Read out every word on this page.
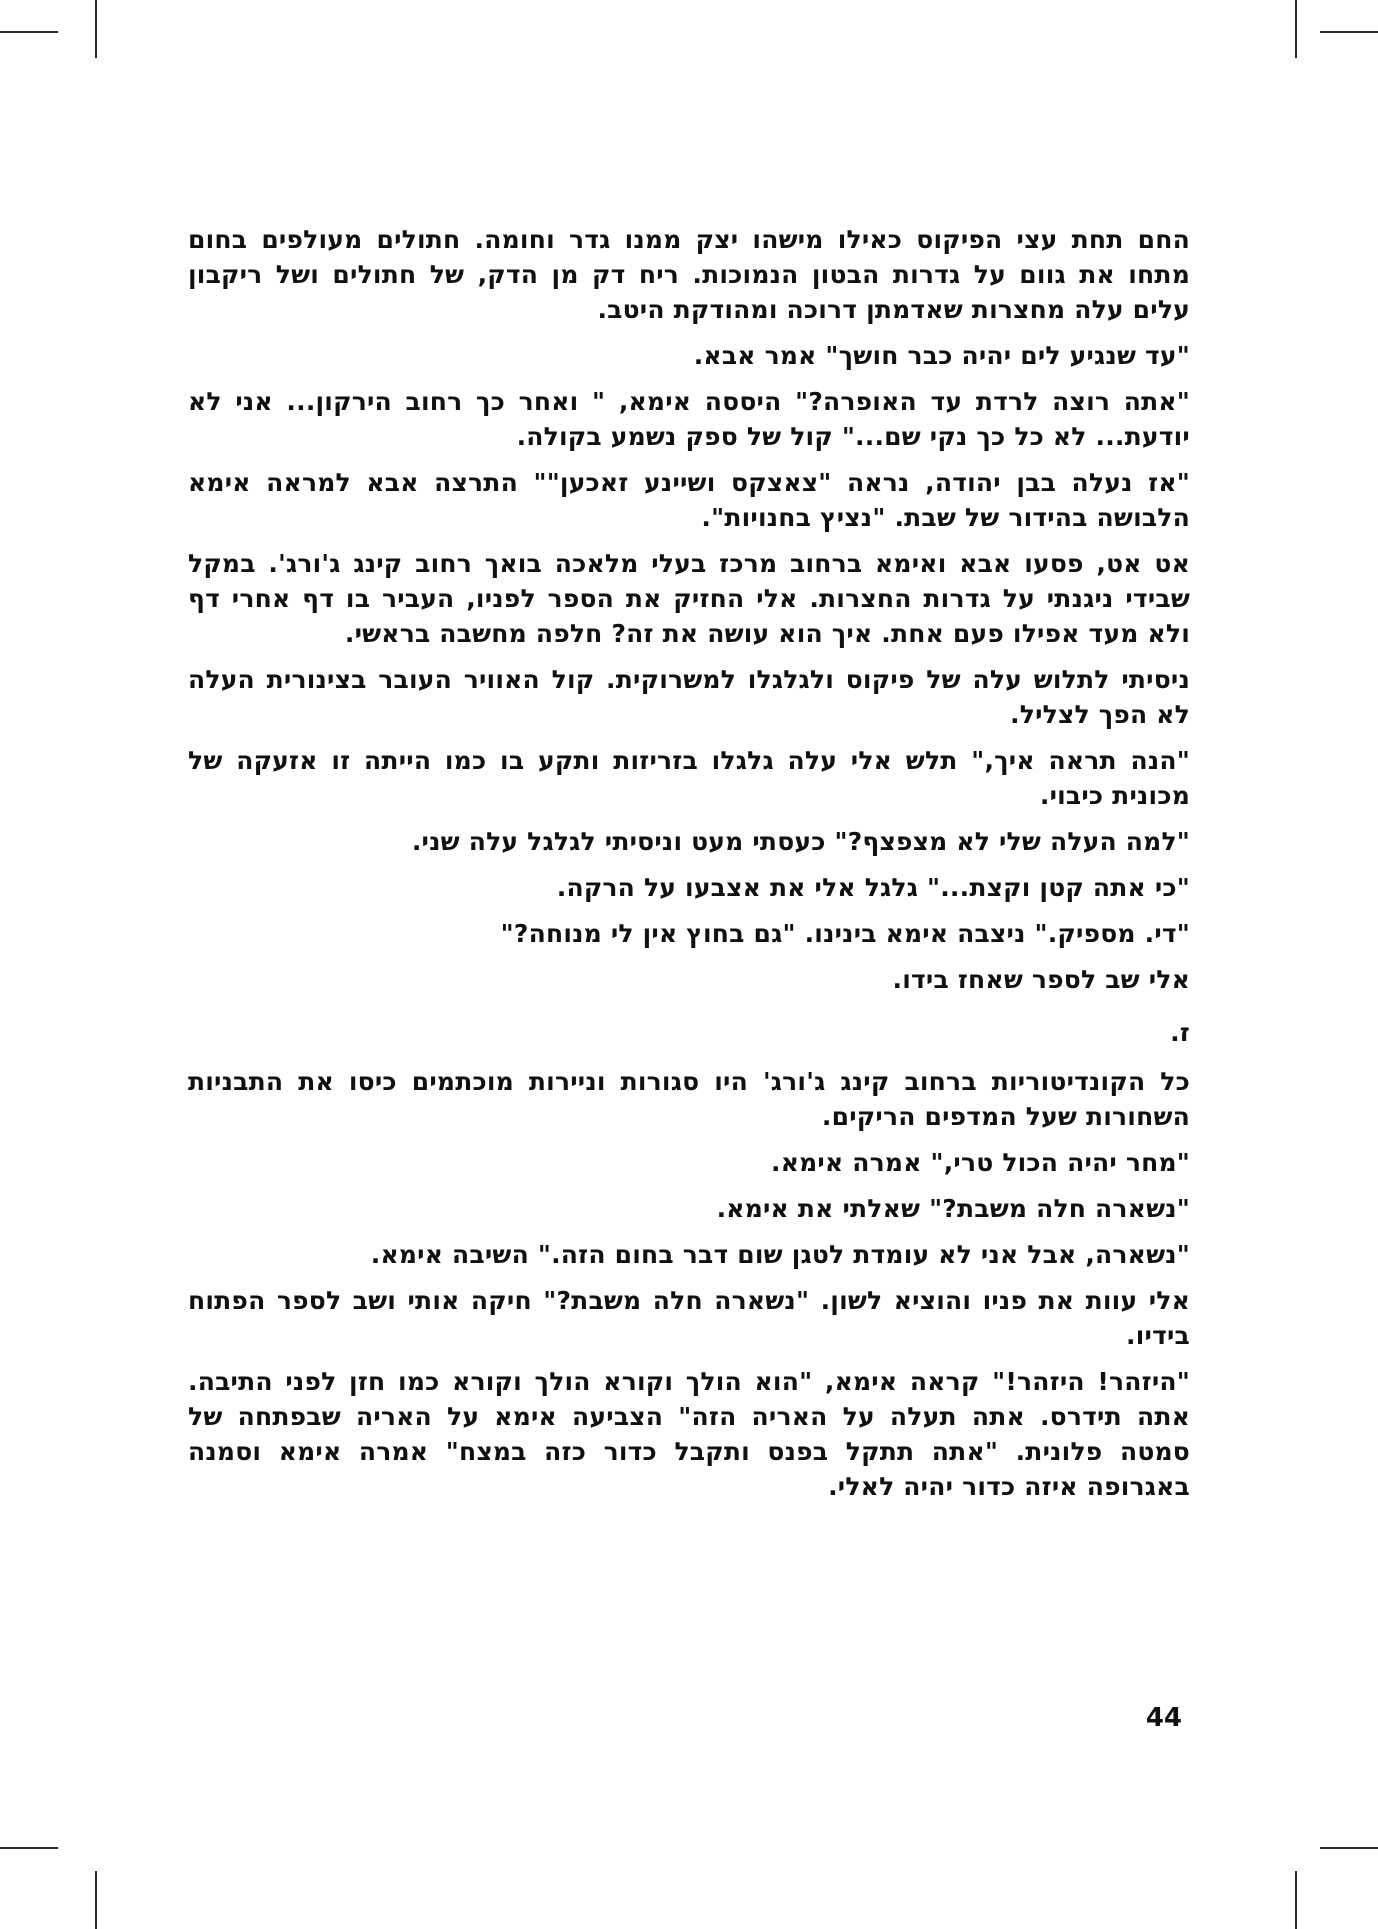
החם תחת עצי הפיקוס כאילו מישהו יצק ממנו גדר וחומה. חתולים מעולפים בחום מתחו את גוום על גדרות הבטון הנמוכות. ריח דק מן הדק, של חתולים ושל ריקבון עלים עלה מחצרות שאדמתן דרוכה ומהודקת היטב.

"עד שנגיע לים יהיה כבר חושך" אמר אבא.

"אתה רוצה לרדת עד האופרה?" היססה אימא, " ואחר כך רחוב הירקון... אני לא יודעת... לא כל כך נקי שם..." קול של ספק נשמע בקולה.

"אז נעלה בבן יהודה, נראה "צאצקס ושיינע זאכען"" התרצה אבא למראה אימא הלבושה בהידור של שבת. "נציץ בחנויות".

אט אט, פסעו אבא ואימא ברחוב מרכז בעלי מלאכה בואך רחוב קינג ג'ורג'. במקל שבידי ניגנתי על גדרות החצרות. אלי החזיק את הספר לפניו, העביר בו דף אחרי דף ולא מעד אפילו פעם אחת. איך הוא עושה את זה? חלפה מחשבה בראשי.

ניסיתי לתלוש עלה של פיקוס ולגלגלו למשרוקית. קול האוויר העובר בצינורית העלה לא הפך לצליל.

"הנה תראה איך," תלש אלי עלה גלגלו בזריזות ותקע בו כמו הייתה זו אזעקה של מכונית כיבוי.

"למה העלה שלי לא מצפצף?" כעסתי מעט וניסיתי לגלגל עלה שני.

"כי אתה קטן וקצת..." גלגל אלי את אצבעו על הרקה.

"די. מספיק." ניצבה אימא בינינו. "גם בחוץ אין לי מנוחה?"

אלי שב לספר שאחז בידו.

ז.

כל הקונדיטוריות ברחוב קינג ג'ורג' היו סגורות וניירות מוכתמים כיסו את התבניות השחורות שעל המדפים הריקים.

"מחר יהיה הכול טרי," אמרה אימא.

"נשארה חלה משבת?" שאלתי את אימא.

"נשארה, אבל אני לא עומדת לטגן שום דבר בחום הזה." השיבה אימא.

אלי עוות את פניו והוציא לשון. "נשארה חלה משבת?" חיקה אותי ושב לספר הפתוח בידיו.

"היזהר! היזהר!" קראה אימא, "הוא הולך וקורא הולך וקורא כמו חזן לפני התיבה. אתה תידרס. אתה תעלה על האריה הזה" הצביעה אימא על האריה שבפתחה של סמטה פלונית. "אתה תתקל בפנס ותקבל כדור כזה במצח" אמרה אימא וסמנה באגרופה איזה כדור יהיה לאלי.

44
